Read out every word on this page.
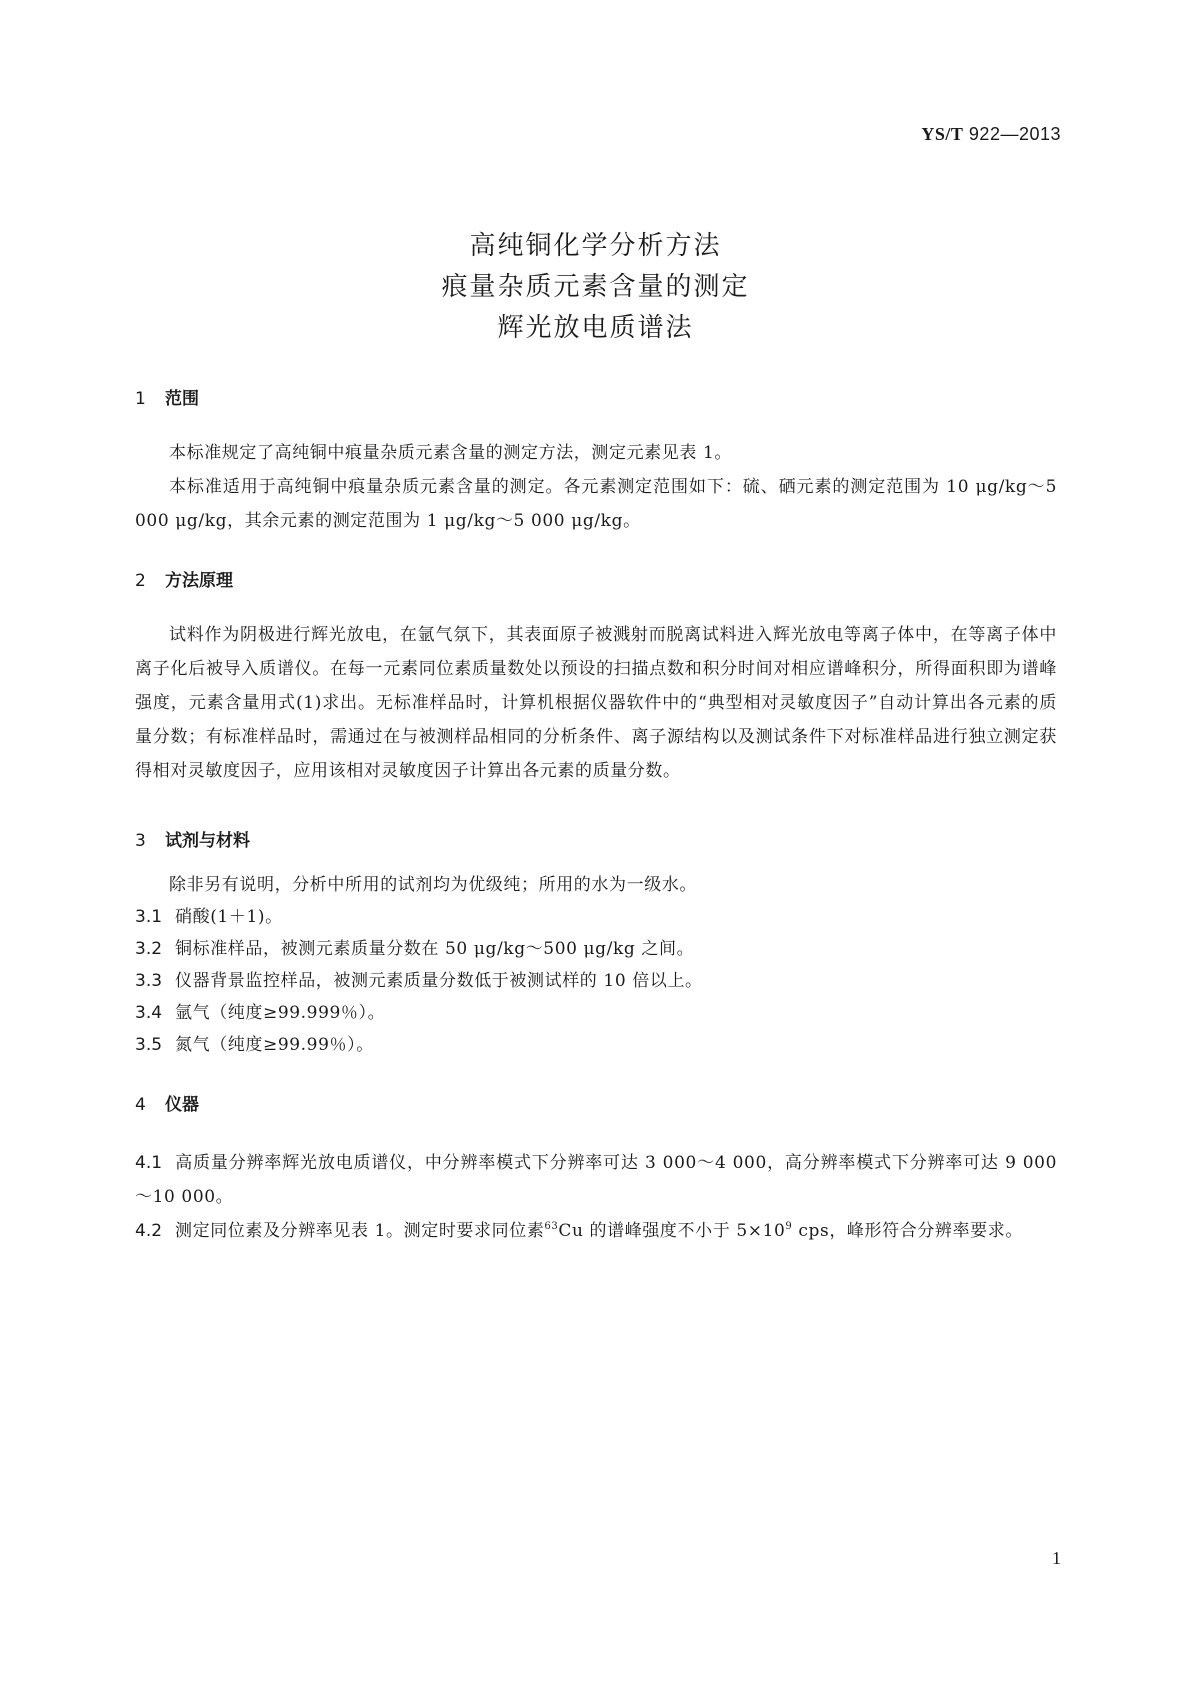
YS/T 922—2013
高纯铜化学分析方法
痕量杂质元素含量的测定
辉光放电质谱法
1 范围
本标准规定了高纯铜中痕量杂质元素含量的测定方法，测定元素见表 1。
本标准适用于高纯铜中痕量杂质元素含量的测定。各元素测定范围如下：硫、硒元素的测定范围为 10 μg/kg～5 000 μg/kg，其余元素的测定范围为 1 μg/kg～5 000 μg/kg。
2 方法原理
试料作为阴极进行辉光放电，在氩气氛下，其表面原子被溅射而脱离试料进入辉光放电等离子体中，在等离子体中离子化后被导入质谱仪。在每一元素同位素质量数处以预设的扫描点数和积分时间对相应谱峰积分，所得面积即为谱峰强度，元素含量用式(1)求出。无标准样品时，计算机根据仪器软件中的“典型相对灵敏度因子”自动计算出各元素的质量分数；有标准样品时，需通过在与被测样品相同的分析条件、离子源结构以及测试条件下对标准样品进行独立测定获得相对灵敏度因子，应用该相对灵敏度因子计算出各元素的质量分数。
3 试剂与材料
除非另有说明，分析中所用的试剂均为优级纯；所用的水为一级水。
3.1 硝酸(1＋1)。
3.2 铜标准样品，被测元素质量分数在 50 μg/kg～500 μg/kg 之间。
3.3 仪器背景监控样品，被测元素质量分数低于被测试样的 10 倍以上。
3.4 氩气（纯度≥99.999％）。
3.5 氮气（纯度≥99.99％）。
4 仪器
4.1 高质量分辨率辉光放电质谱仪，中分辨率模式下分辨率可达 3 000～4 000，高分辨率模式下分辨率可达 9 000～10 000。
4.2 测定同位素及分辨率见表 1。测定时要求同位素$^{63}$Cu 的谱峰强度不小于 $5\times 10^9$ cps，峰形符合分辨率要求。
1
